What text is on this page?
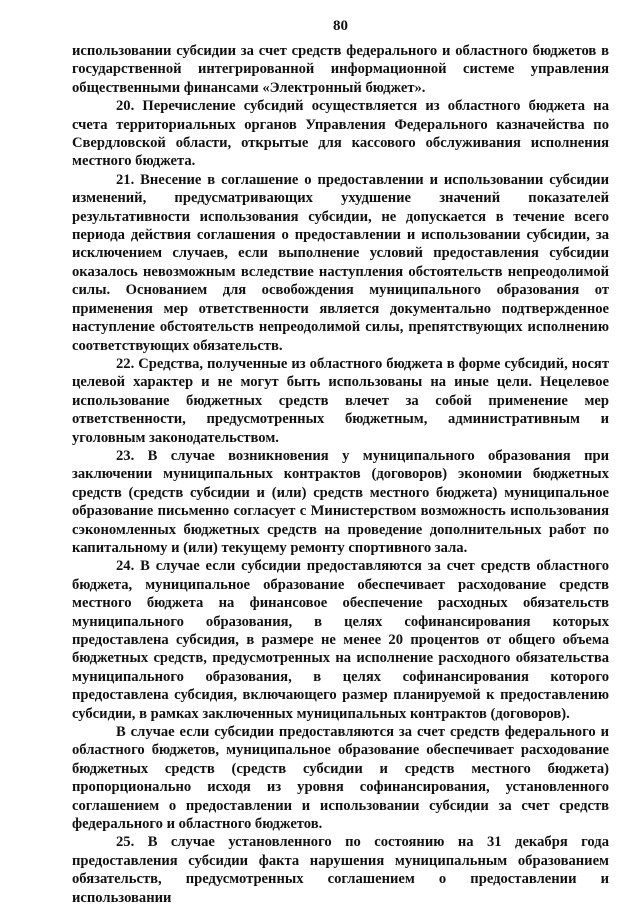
80

использовании субсидии за счет средств федерального и областного бюджетов в государственной интегрированной информационной системе управления общественными финансами «Электронный бюджет».

20. Перечисление субсидий осуществляется из областного бюджета на счета территориальных органов Управления Федерального казначейства по Свердловской области, открытые для кассового обслуживания исполнения местного бюджета.

21. Внесение в соглашение о предоставлении и использовании субсидии изменений, предусматривающих ухудшение значений показателей результативности использования субсидии, не допускается в течение всего периода действия соглашения о предоставлении и использовании субсидии, за исключением случаев, если выполнение условий предоставления субсидии оказалось невозможным вследствие наступления обстоятельств непреодолимой силы. Основанием для освобождения муниципального образования от применения мер ответственности является документально подтвержденное наступление обстоятельств непреодолимой силы, препятствующих исполнению соответствующих обязательств.

22. Средства, полученные из областного бюджета в форме субсидий, носят целевой характер и не могут быть использованы на иные цели. Нецелевое использование бюджетных средств влечет за собой применение мер ответственности, предусмотренных бюджетным, административным и уголовным законодательством.

23. В случае возникновения у муниципального образования при заключении муниципальных контрактов (договоров) экономии бюджетных средств (средств субсидии и (или) средств местного бюджета) муниципальное образование письменно согласует с Министерством возможность использования сэкономленных бюджетных средств на проведение дополнительных работ по капитальному и (или) текущему ремонту спортивного зала.

24. В случае если субсидии предоставляются за счет средств областного бюджета, муниципальное образование обеспечивает расходование средств местного бюджета на финансовое обеспечение расходных обязательств муниципального образования, в целях софинансирования которых предоставлена субсидия, в размере не менее 20 процентов от общего объема бюджетных средств, предусмотренных на исполнение расходного обязательства муниципального образования, в целях софинансирования которого предоставлена субсидия, включающего размер планируемой к предоставлению субсидии, в рамках заключенных муниципальных контрактов (договоров).

В случае если субсидии предоставляются за счет средств федерального и областного бюджетов, муниципальное образование обеспечивает расходование бюджетных средств (средств субсидии и средств местного бюджета) пропорционально исходя из уровня софинансирования, установленного соглашением о предоставлении и использовании субсидии за счет средств федерального и областного бюджетов.

25. В случае установленного по состоянию на 31 декабря года предоставления субсидии факта нарушения муниципальным образованием обязательств, предусмотренных соглашением о предоставлении и использовании
